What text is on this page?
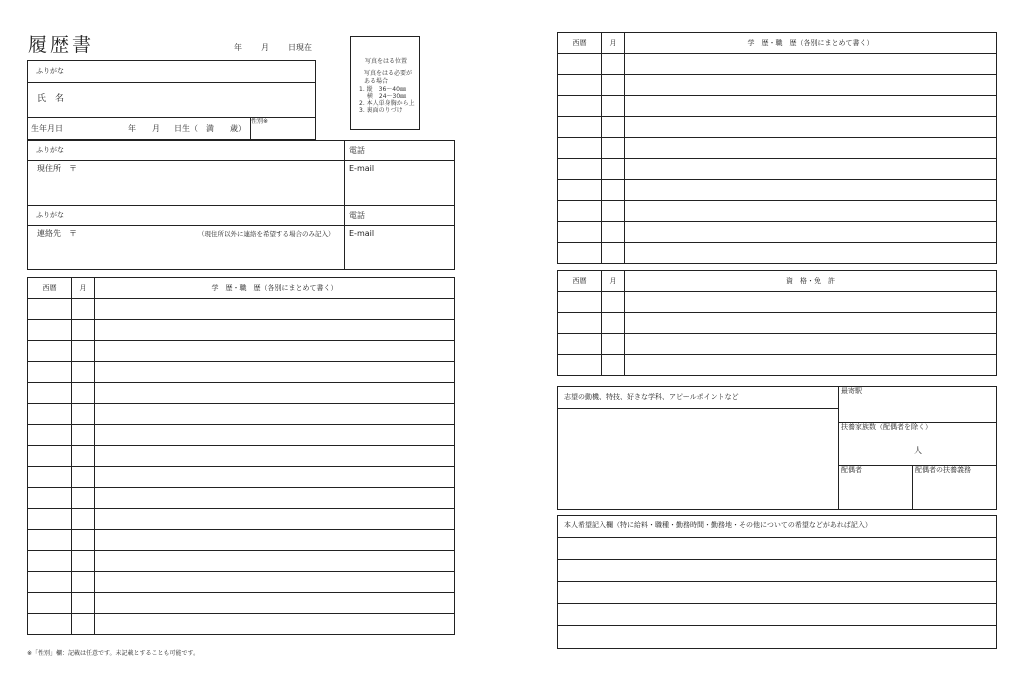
履歴書	年 月 日現在
写真をはる位置
写真をはる必要が
ある場合
1. 縦　36〜40㎜
　 横　24〜30㎜
2. 本人単身胸から上
3. 裏面のりづけ
ふりがな
氏　名
生年月日	年 月 日生（　満　　歳）
性別※
ふりがな	電話
現住所　〒	E-mail
ふりがな	電話
連絡先　〒	（現住所以外に連絡を希望する場合のみ記入） E-mail
西暦	月	学　歴・職　歴（各別にまとめて書く）

※「性別」欄：記載は任意です。未記載とすることも可能です。
西暦	月	学　歴・職　歴（各別にまとめて書く）

西暦	月	資　格・免　許

志望の動機、特技、好きな学科、アピールポイントなど
最寄駅
扶養家族数（配偶者を除く）
人
配偶者	配偶者の扶養義務
本人希望記入欄（特に給料・職種・勤務時間・勤務地・その他についての希望などがあれば記入）
